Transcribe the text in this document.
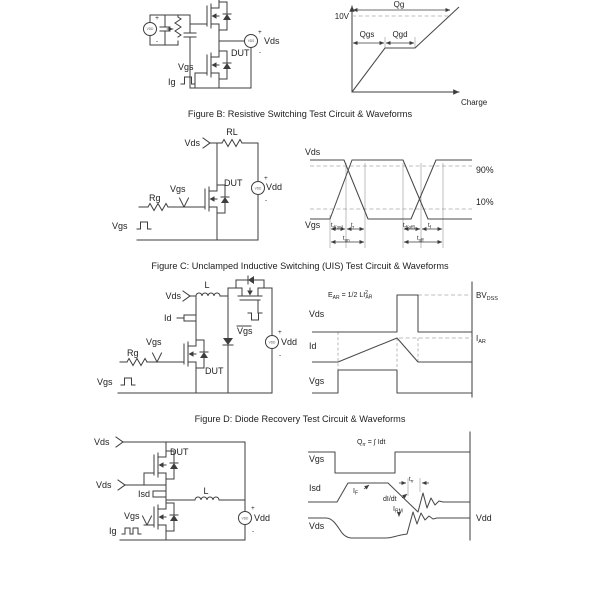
VDD
+
-	VDS
+
Vds
-
DUT
Vgs
Ig
10V
Qg
Qgs Qgd
Charge
Figure B: Resistive Switching Test Circuit & Waveforms
Vds
RL
DUT
VDD
+
Vdd
-
Rg
Vgs
Vgs
90%
10%
Vds
Vgs $t_{d(on)}$ $t_r$
$t_{on}$
$t_{d(off)}$ $t_f$
$t_{off}$
Figure C: Unclamped Inductive Switching (UIS) Test Circuit & Waveforms
Vds
L
Vgs
Id
DUT
Vgs
Rg
VDD
+
Vdd
-
Vgs
$E_{AR} = 1/2$ $LI^2$ AR	$BV_{DSS}$
Vds
Id
Vgs
$I_{AR}$
Figure D: Diode Recovery Test Circuit & Waveforms
Vds
DUT
Vds
Isd	L
Vgs
Ig
VDD
+
Vdd
-
$Q_{rr}$ = ∫ Idt
Vgs
Isd	$I_F$
dI/dt
$t_{rr}$
$I_{RM}$
Vds
Vdd
